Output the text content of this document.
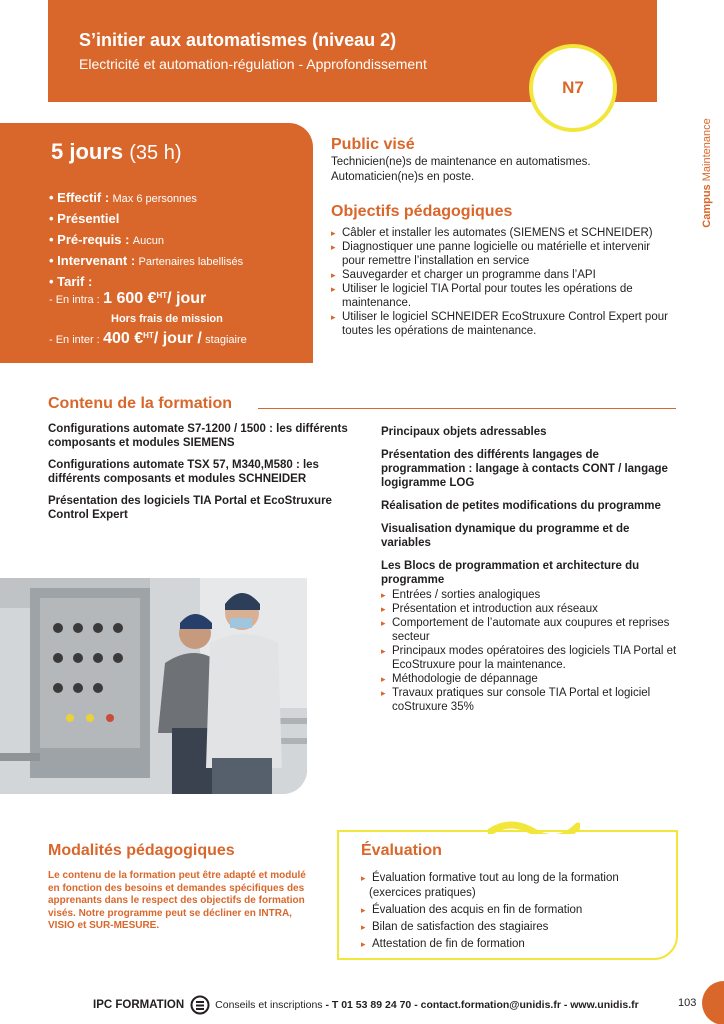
S’initier aux automatismes (niveau 2)
Electricité et automation-régulation - Approfondissement
N7
Campus Maintenance
5 jours (35 h)
• Effectif : Max 6 personnes
• Présentiel
• Pré-requis : Aucun
• Intervenant : Partenaires labellisés
• Tarif :
- En intra : 1 600 €$^{HT}$/ jour
Hors frais de mission
- En inter : 400 €$^{HT}$/ jour / stagiaire
Public visé
Technicien(ne)s de maintenance en automatismes.
Automaticien(ne)s en poste.
Objectifs pédagogiques
▸ Câbler et installer les automates (SIEMENS et SCHNEIDER)
▸ Diagnostiquer une panne logicielle ou matérielle et intervenir pour remettre l’installation en service
▸ Sauvegarder et charger un programme dans l’API
▸ Utiliser le logiciel TIA Portal pour toutes les opérations de maintenance.
▸ Utiliser le logiciel SCHNEIDER EcoStruxure Control Expert pour toutes les opérations de maintenance.
Contenu de la formation
Configurations automate S7-1200 / 1500 : les différents composants et modules SIEMENS
Configurations automate TSX 57, M340,M580 : les différents composants et modules SCHNEIDER
Présentation des logiciels TIA Portal et EcoStruxure Control Expert
Principaux objets adressables
Présentation des différents langages de programmation : langage à contacts CONT / langage logigramme LOG
Réalisation de petites modifications du programme
Visualisation dynamique du programme et de variables
Les Blocs de programmation et architecture du programme
▸ Entrées / sorties analogiques
▸ Présentation et introduction aux réseaux
▸ Comportement de l’automate aux coupures et reprises secteur
▸ Principaux modes opératoires des logiciels TIA Portal et EcoStruxure pour la maintenance.
▸ Méthodologie de dépannage
▸ Travaux pratiques sur console TIA Portal et logiciel coStruxure 35%
Modalités pédagogiques
Le contenu de la formation peut être adapté et modulé en fonction des besoins et demandes spécifiques des apprenants dans le respect des objectifs de formation visés. Notre programme peut se décliner en INTRA, VISIO et SUR-MESURE.
Évaluation
▸ Évaluation formative tout au long de la formation
(exercices pratiques)
▸ Évaluation des acquis en fin de formation
▸ Bilan de satisfaction des stagiaires
▸ Attestation de fin de formation
IPC FORMATION	Conseils et inscriptions - T 01 53 89 24 70 - contact.formation@unidis.fr - www.unidis.fr	103
